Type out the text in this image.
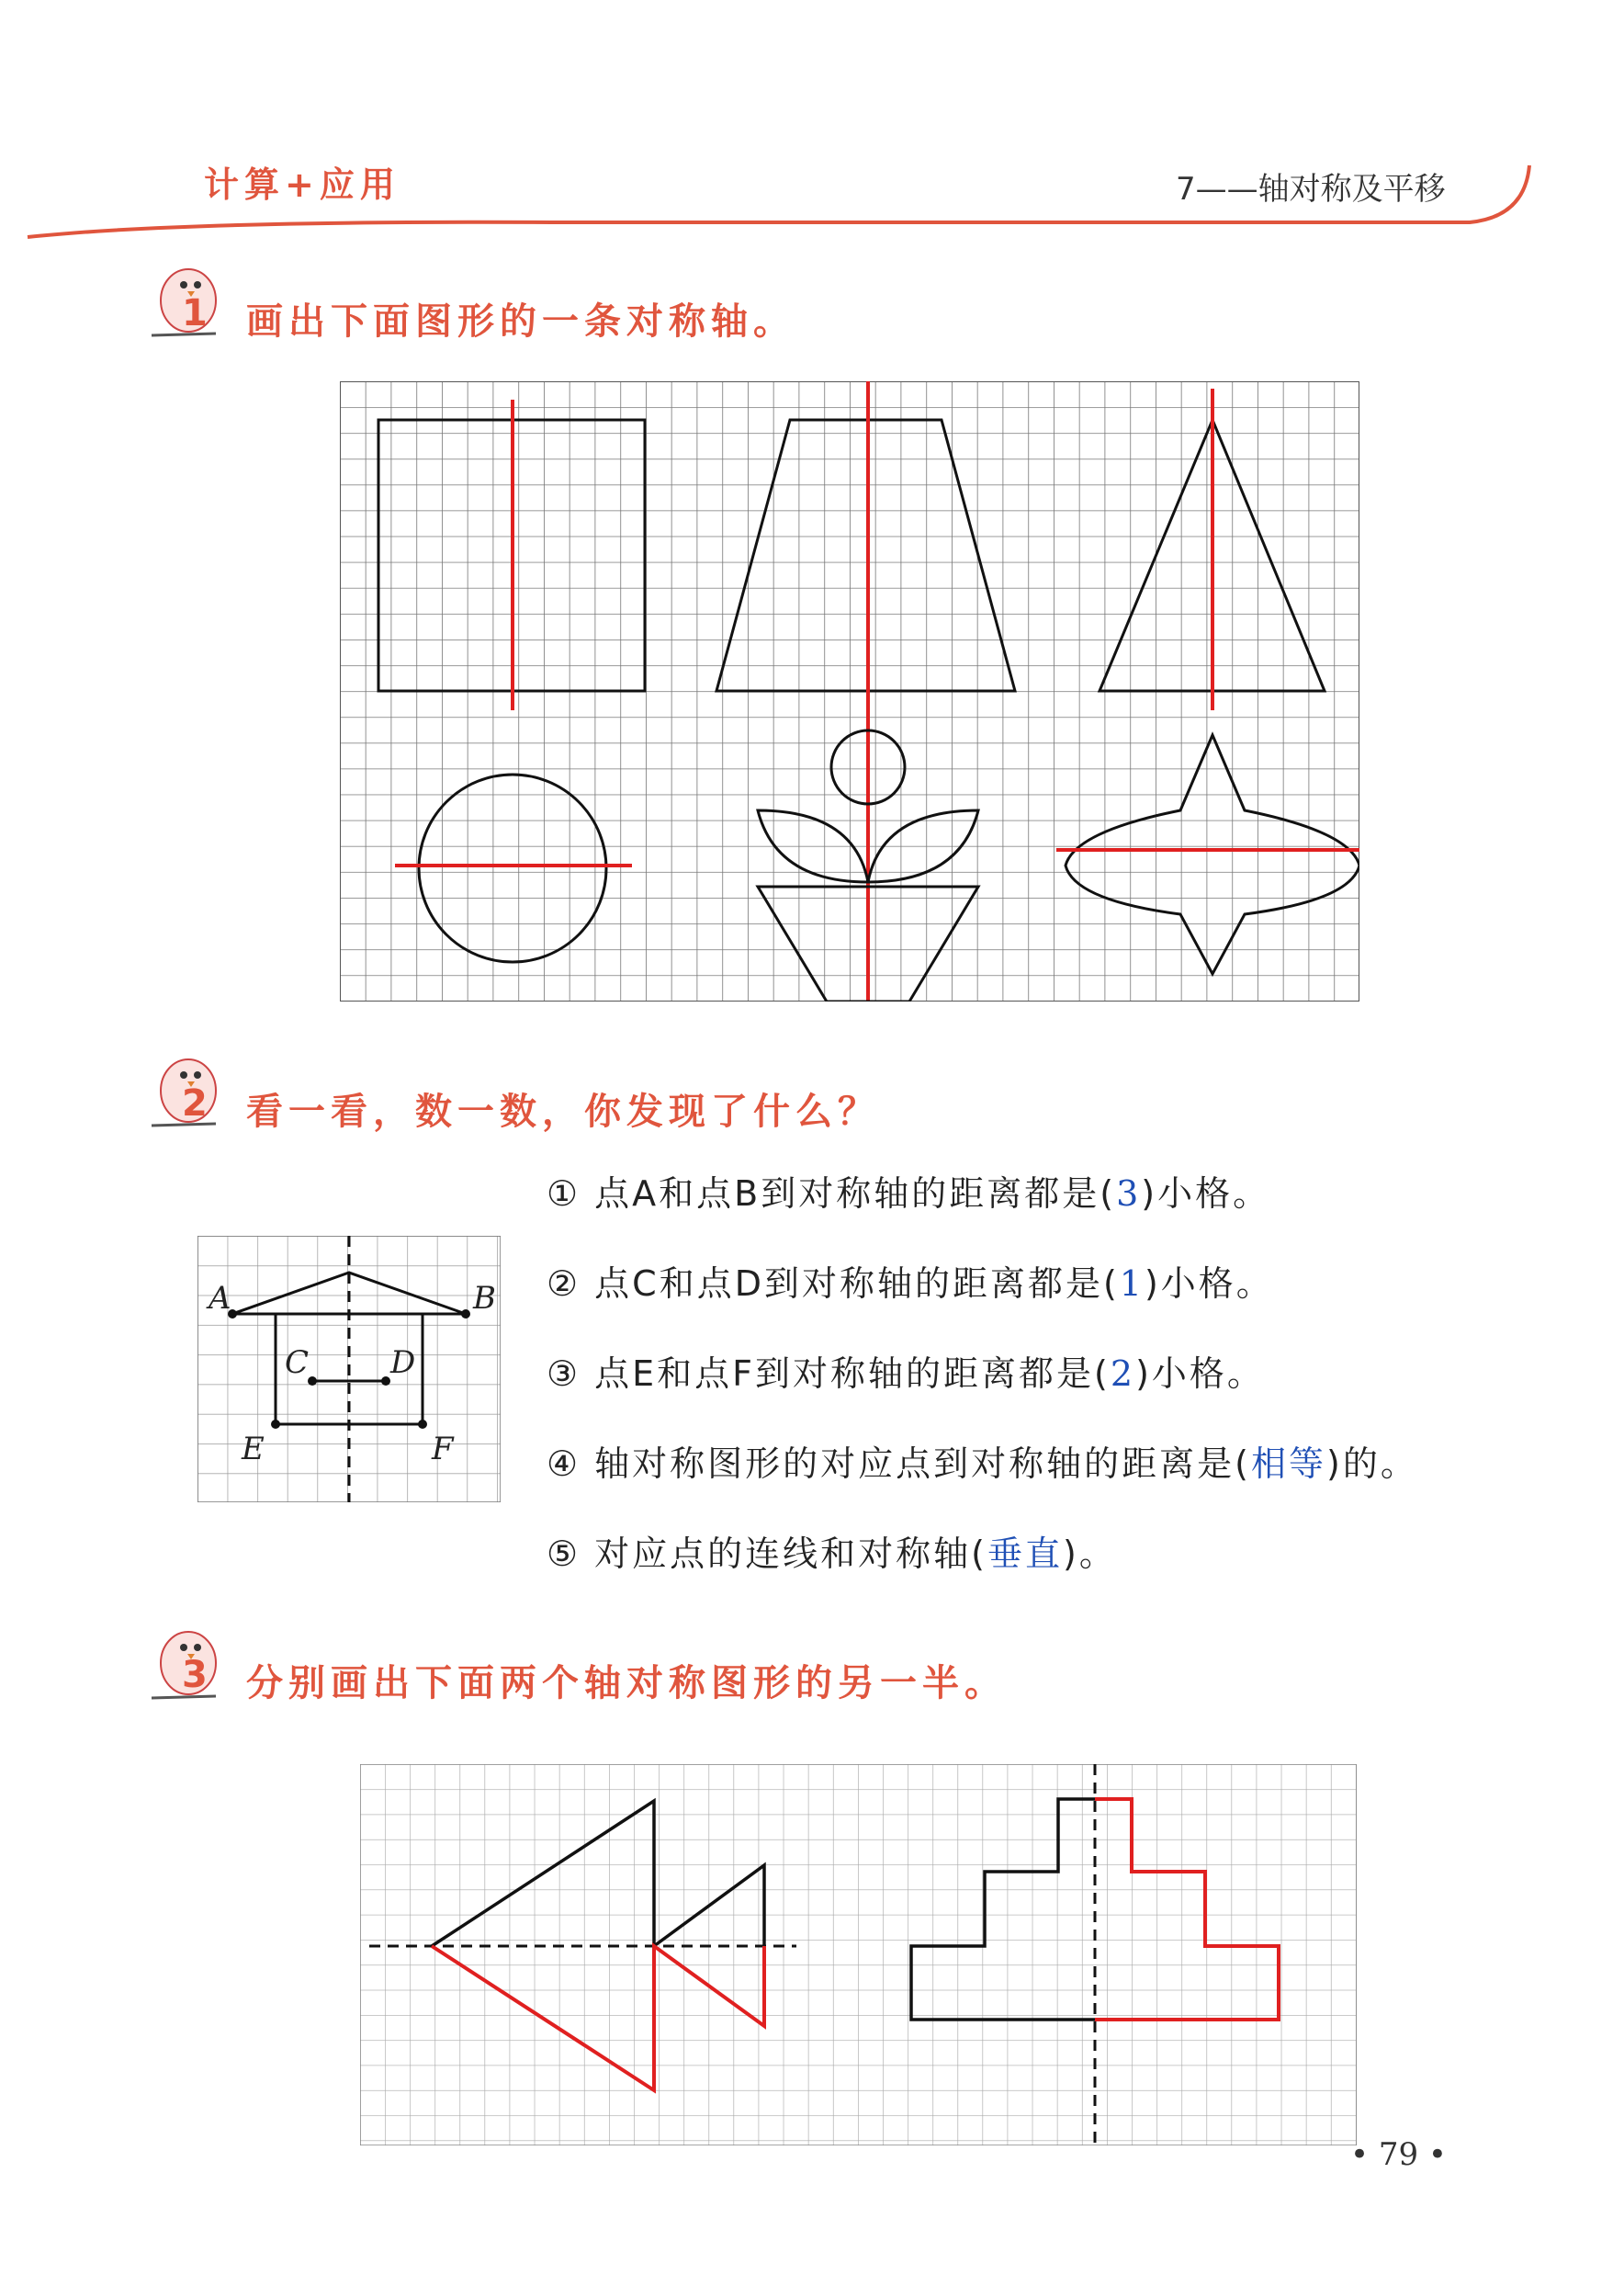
计算+应用	7——轴对称及平移
1 画出下面图形的一条对称轴。
2 看一看，数一数，你发现了什么？
A	B
C	D
E	F
① 点A和点B到对称轴的距离都是(3)小格。
② 点C和点D到对称轴的距离都是(1)小格。
③ 点E和点F到对称轴的距离都是(2)小格。
④ 轴对称图形的对应点到对称轴的距离是(相等)的。
⑤ 对应点的连线和对称轴(垂直)。
3 分别画出下面两个轴对称图形的另一半。
• 79 •
